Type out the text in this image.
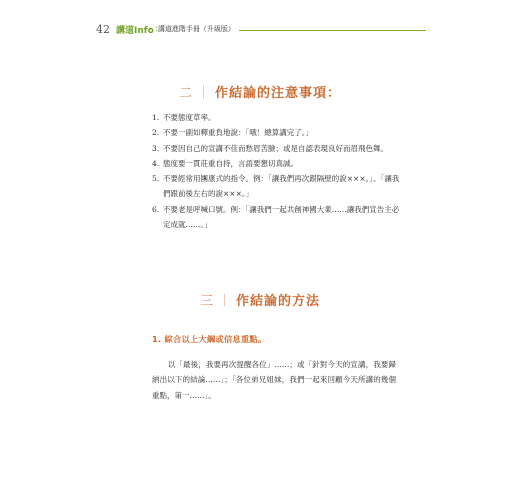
42 講道Info : 講道進階手冊（升級版）
二 ｜ 作結論的注意事項：
1. 不要態度草率。
2. 不要一副如釋重負地說：「哦！總算講完了。」
3. 不要因自己的宣講不佳而愁眉苦臉；或是自認表現良好而眉飛色舞。
4. 態度要一貫莊重自持，言語要懇切真誠。
5. 不要經常用團康式的指令。例：「讓我們再次跟隔壁的說×××。」、「讓我們跟前後左右的說×××。」
6. 不要老是呼喊口號。例：「讓我們一起共創神國大業……讓我們宣告主必定成就……。」
三 ｜ 作結論的方法
1. 綜合以上大綱或信息重點。

以「最後，我要再次提醒各位」……；或「針對今天的宣講，我要歸納出以下的結論……」；「各位弟兄姐妹，我們一起來回顧今天所講的幾個重點，第一……」。
